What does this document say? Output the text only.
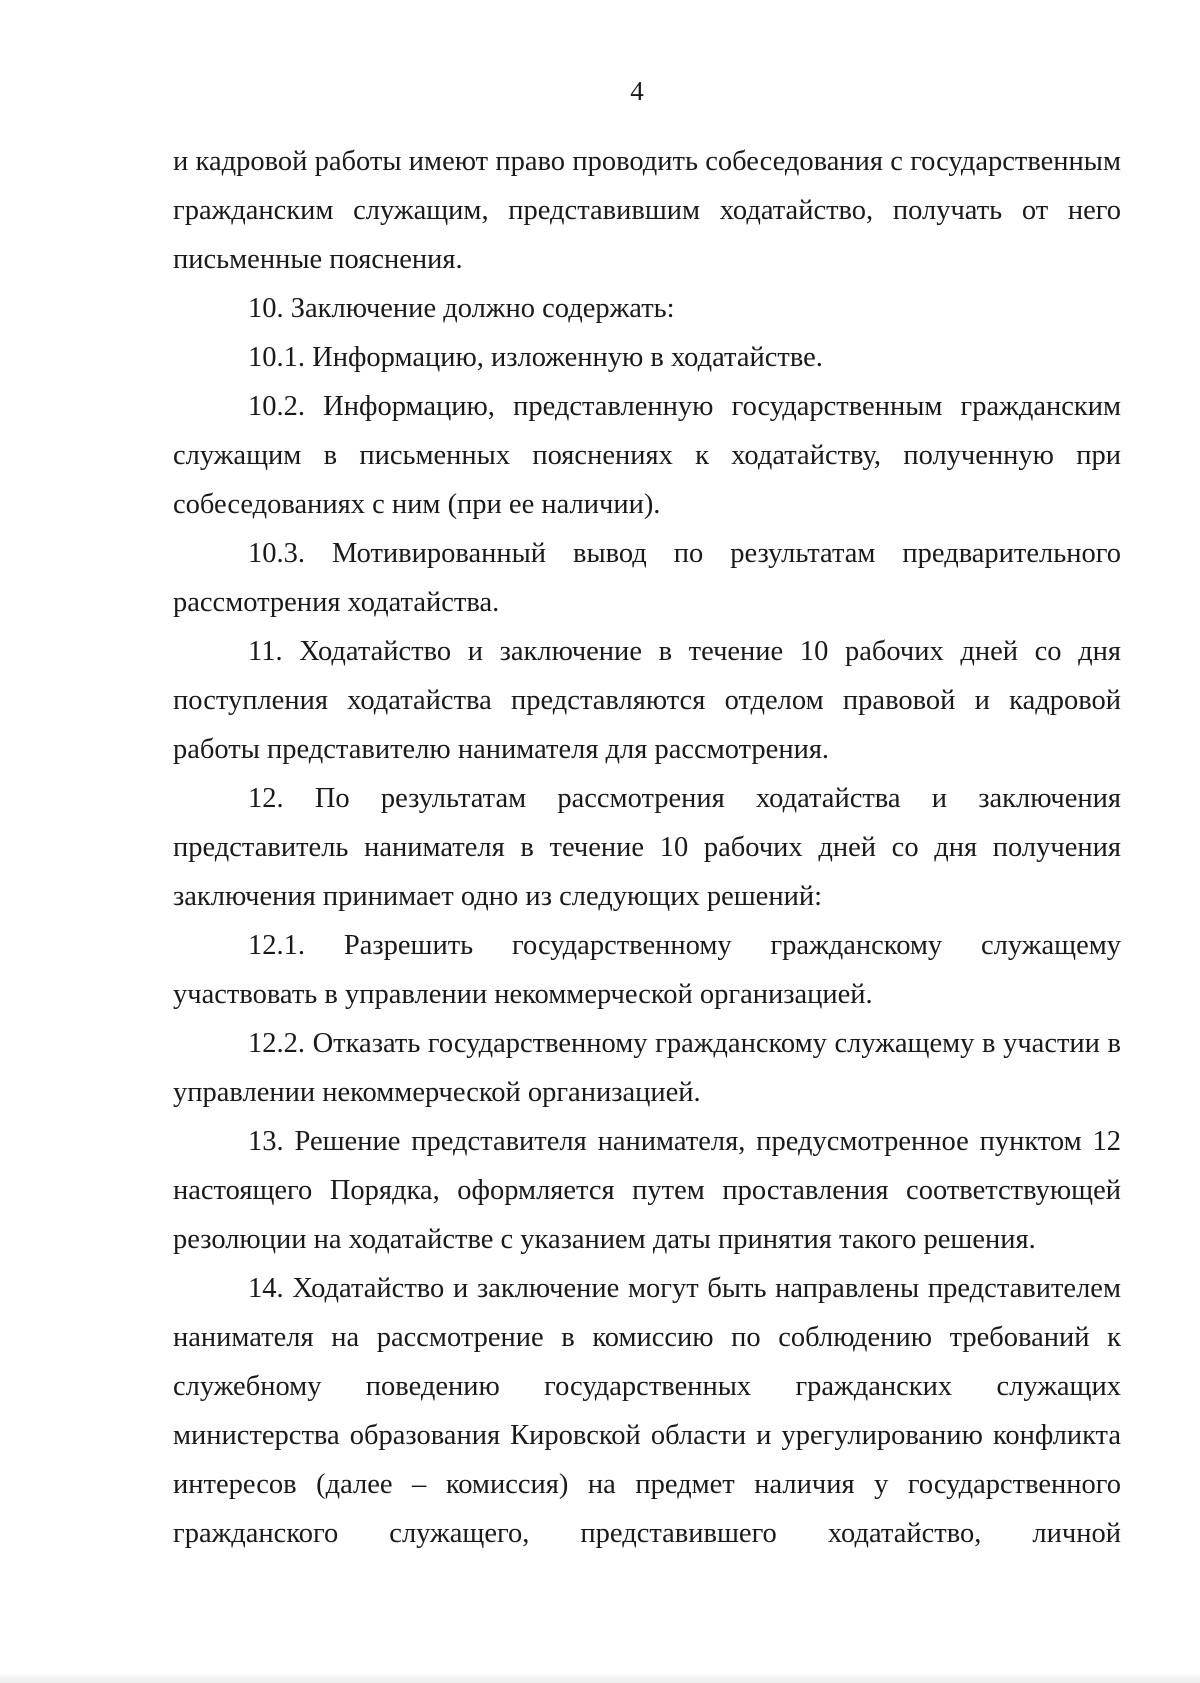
4

и кадровой работы имеют право проводить собеседования с государственным гражданским служащим, представившим ходатайство, получать от него письменные пояснения.

10. Заключение должно содержать:

10.1. Информацию, изложенную в ходатайстве.

10.2. Информацию, представленную государственным гражданским служащим в письменных пояснениях к ходатайству, полученную при собеседованиях с ним (при ее наличии).

10.3. Мотивированный вывод по результатам предварительного рассмотрения ходатайства.

11. Ходатайство и заключение в течение 10 рабочих дней со дня поступления ходатайства представляются отделом правовой и кадровой работы представителю нанимателя для рассмотрения.

12. По результатам рассмотрения ходатайства и заключения представитель нанимателя в течение 10 рабочих дней со дня получения заключения принимает одно из следующих решений:

12.1. Разрешить государственному гражданскому служащему участвовать в управлении некоммерческой организацией.

12.2. Отказать государственному гражданскому служащему в участии в управлении некоммерческой организацией.

13. Решение представителя нанимателя, предусмотренное пунктом 12 настоящего Порядка, оформляется путем проставления соответствующей резолюции на ходатайстве с указанием даты принятия такого решения.

14. Ходатайство и заключение могут быть направлены представителем нанимателя на рассмотрение в комиссию по соблюдению требований к служебному поведению государственных гражданских служащих министерства образования Кировской области и урегулированию конфликта интересов (далее – комиссия) на предмет наличия у государственного гражданского служащего, представившего ходатайство, личной
